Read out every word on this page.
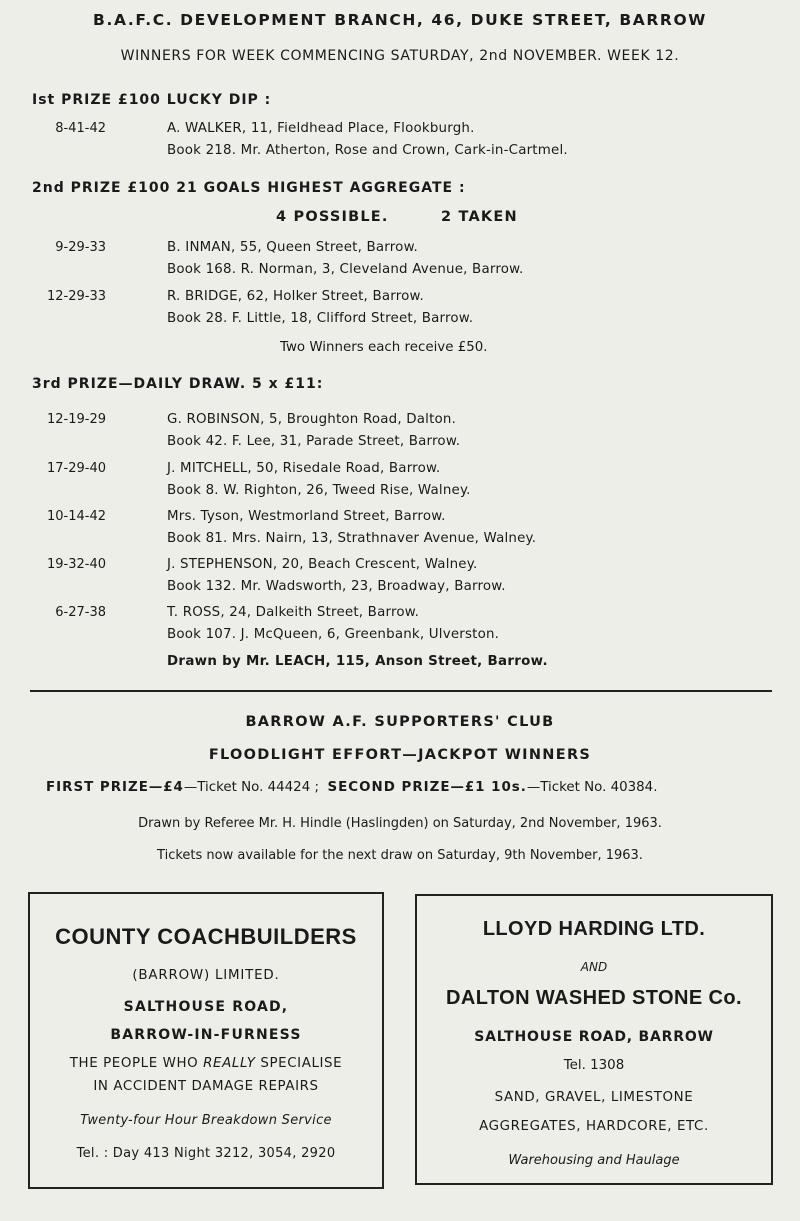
B.A.F.C. DEVELOPMENT BRANCH, 46, DUKE STREET, BARROW
WINNERS FOR WEEK COMMENCING SATURDAY, 2nd NOVEMBER. WEEK 12.
Ist PRIZE £100 LUCKY DIP :
8-41-42	A. WALKER, 11, Fieldhead Place, Flookburgh.
Book 218. Mr. Atherton, Rose and Crown, Cark-in-Cartmel.
2nd PRIZE £100 21 GOALS HIGHEST AGGREGATE :
4 POSSIBLE.	2 TAKEN
9-29-33	B. INMAN, 55, Queen Street, Barrow.
Book 168. R. Norman, 3, Cleveland Avenue, Barrow.
12-29-33	R. BRIDGE, 62, Holker Street, Barrow.
Book 28. F. Little, 18, Clifford Street, Barrow.
Two Winners each receive £50.
3rd PRIZE—DAILY DRAW. 5 x £11:
12-19-29	G. ROBINSON, 5, Broughton Road, Dalton.
Book 42. F. Lee, 31, Parade Street, Barrow.
17-29-40	J. MITCHELL, 50, Risedale Road, Barrow.
Book 8. W. Righton, 26, Tweed Rise, Walney.
10-14-42	Mrs. Tyson, Westmorland Street, Barrow.
Book 81. Mrs. Nairn, 13, Strathnaver Avenue, Walney.
19-32-40	J. STEPHENSON, 20, Beach Crescent, Walney.
Book 132. Mr. Wadsworth, 23, Broadway, Barrow.
6-27-38	T. ROSS, 24, Dalkeith Street, Barrow.
Book 107. J. McQueen, 6, Greenbank, Ulverston.
Drawn by Mr. LEACH, 115, Anson Street, Barrow.
BARROW A.F. SUPPORTERS' CLUB
FLOODLIGHT EFFORT—JACKPOT WINNERS
FIRST PRIZE—£4—Ticket No. 44424 ; SECOND PRIZE—£1 10s.—Ticket No. 40384.
Drawn by Referee Mr. H. Hindle (Haslingden) on Saturday, 2nd November, 1963.
Tickets now available for the next draw on Saturday, 9th November, 1963.
COUNTY COACHBUILDERS
(BARROW) LIMITED.
SALTHOUSE ROAD,
BARROW-IN-FURNESS
THE PEOPLE WHO REALLY SPECIALISE
IN ACCIDENT DAMAGE REPAIRS
Twenty-four Hour Breakdown Service
Tel. : Day 413 Night 3212, 3054, 2920
LLOYD HARDING LTD.
AND
DALTON WASHED STONE Co.
SALTHOUSE ROAD, BARROW
Tel. 1308
SAND, GRAVEL, LIMESTONE
AGGREGATES, HARDCORE, ETC.
Warehousing and Haulage
